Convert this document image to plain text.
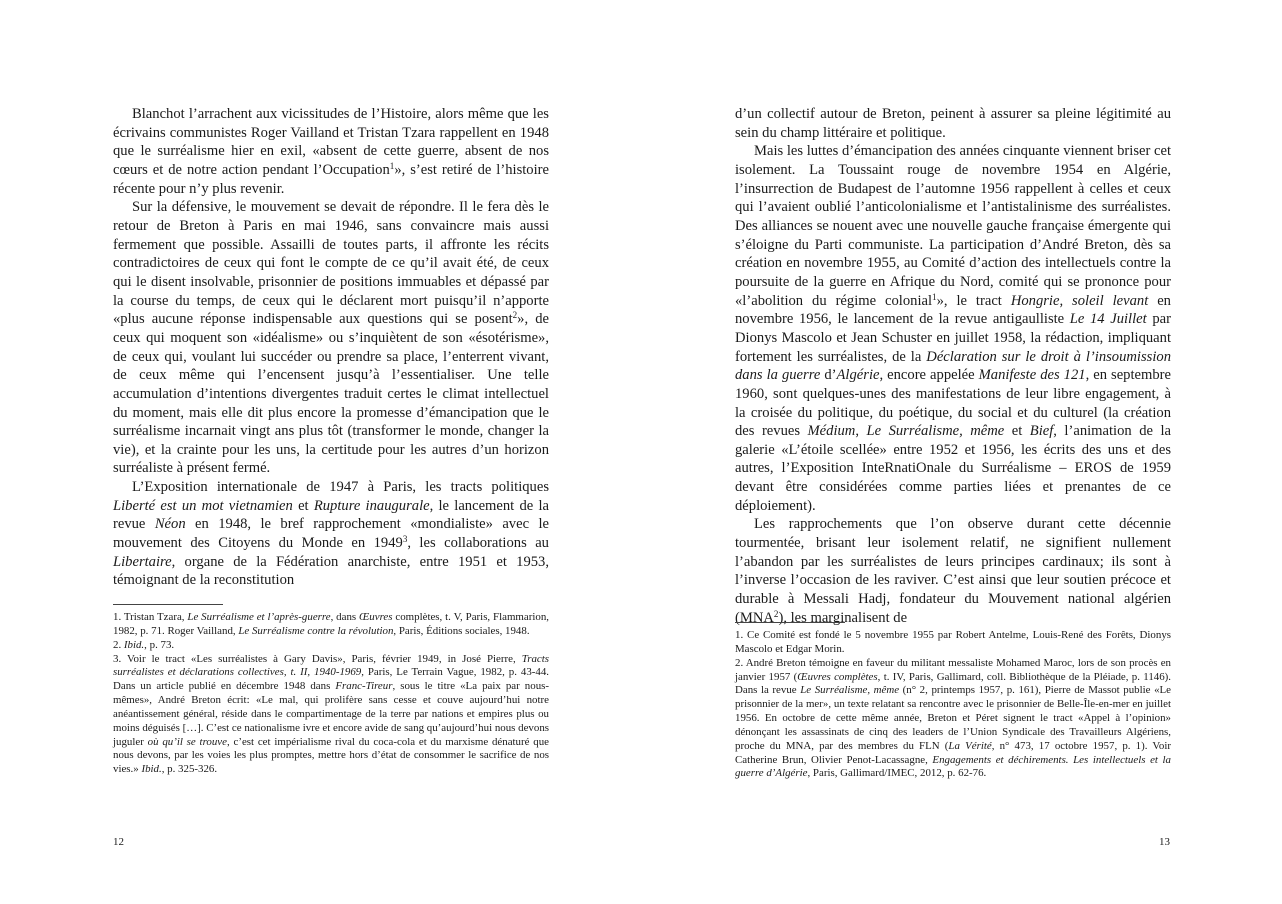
Blanchot l’arrachent aux vicissitudes de l’Histoire, alors même que les écrivains communistes Roger Vailland et Tristan Tzara rappellent en 1948 que le surréalisme hier en exil, «absent de cette guerre, absent de nos cœurs et de notre action pendant l’Occupation$^1$», s’est retiré de l’histoire récente pour n’y plus revenir.

Sur la défensive, le mouvement se devait de répondre. Il le fera dès le retour de Breton à Paris en mai 1946, sans convaincre mais aussi fermement que possible. Assailli de toutes parts, il affronte les récits contradictoires de ceux qui font le compte de ce qu’il avait été, de ceux qui le disent insolvable, prisonnier de positions immuables et dépassé par la course du temps, de ceux qui le déclarent mort puisqu’il n’apporte «plus aucune réponse indispensable aux questions qui se posent$^2$», de ceux qui moquent son «idéalisme» ou s’inquiètent de son «ésotérisme», de ceux qui, voulant lui succéder ou prendre sa place, l’enterrent vivant, de ceux même qui l’encensent jusqu’à l’essentialiser. Une telle accumulation d’intentions divergentes traduit certes le climat intellectuel du moment, mais elle dit plus encore la promesse d’émancipation que le surréalisme incarnait vingt ans plus tôt (transformer le monde, changer la vie), et la crainte pour les uns, la certitude pour les autres d’un horizon surréaliste à présent fermé.

L’Exposition internationale de 1947 à Paris, les tracts politiques Liberté est un mot vietnamien et Rupture inaugurale, le lancement de la revue Néon en 1948, le bref rapprochement «mondialiste» avec le mouvement des Citoyens du Monde en 1949$^3$, les collaborations au Libertaire, organe de la Fédération anarchiste, entre 1951 et 1953, témoignant de la reconstitution

1. Tristan Tzara, Le Surréalisme et l’après-guerre, dans Œuvres complètes, t. V, Paris, Flammarion, 1982, p. 71. Roger Vailland, Le Surréalisme contre la révolution, Paris, Éditions sociales, 1948.

2. Ibid., p. 73.

3. Voir le tract «Les surréalistes à Gary Davis», Paris, février 1949, in José Pierre, Tracts surréalistes et déclarations collectives, t. II, 1940-1969, Paris, Le Terrain Vague, 1982, p. 43-44. Dans un article publié en décembre 1948 dans Franc-Tireur, sous le titre «La paix par nous-mêmes», André Breton écrit: «Le mal, qui prolifère sans cesse et couve aujourd’hui notre anéantissement général, réside dans le compartimentage de la terre par nations et empires plus ou moins déguisés […]. C’est ce nationalisme ivre et encore avide de sang qu’aujourd’hui nous devons juguler où qu’il se trouve, c’est cet impérialisme rival du coca-cola et du marxisme dénaturé que nous devons, par les voies les plus promptes, mettre hors d’état de consommer le sacrifice de nos vies.» Ibid., p. 325-326.

12

d’un collectif autour de Breton, peinent à assurer sa pleine légitimité au sein du champ littéraire et politique.

Mais les luttes d’émancipation des années cinquante viennent briser cet isolement. La Toussaint rouge de novembre 1954 en Algérie, l’insurrection de Budapest de l’automne 1956 rappellent à celles et ceux qui l’avaient oublié l’anticolonialisme et l’antistalinisme des surréalistes. Des alliances se nouent avec une nouvelle gauche française émergente qui s’éloigne du Parti communiste. La participation d’André Breton, dès sa création en novembre 1955, au Comité d’action des intellectuels contre la poursuite de la guerre en Afrique du Nord, comité qui se prononce pour «l’abolition du régime colonial$^1$», le tract Hongrie, soleil levant en novembre 1956, le lancement de la revue antigaulliste Le 14 Juillet par Dionys Mascolo et Jean Schuster en juillet 1958, la rédaction, impliquant fortement les surréalistes, de la Déclaration sur le droit à l’insoumission dans la guerre d’Algérie, encore appelée Manifeste des 121, en septembre 1960, sont quelques-unes des manifestations de leur libre engagement, à la croisée du politique, du poétique, du social et du culturel (la création des revues Médium, Le Surréalisme, même et Bief, l’animation de la galerie «L’étoile scellée» entre 1952 et 1956, les écrits des uns et des autres, l’Exposition InteRnatiOnale du Surréalisme – EROS de 1959 devant être considérées comme parties liées et prenantes de ce déploiement).

Les rapprochements que l’on observe durant cette décennie tourmentée, brisant leur isolement relatif, ne signifient nullement l’abandon par les surréalistes de leurs principes cardinaux; ils sont à l’inverse l’occasion de les raviver. C’est ainsi que leur soutien précoce et durable à Messali Hadj, fondateur du Mouvement national algérien (MNA$^2$), les marginalisent de

1. Ce Comité est fondé le 5 novembre 1955 par Robert Antelme, Louis-René des Forêts, Dionys Mascolo et Edgar Morin.

2. André Breton témoigne en faveur du militant messaliste Mohamed Maroc, lors de son procès en janvier 1957 (Œuvres complètes, t. IV, Paris, Gallimard, coll. Bibliothèque de la Pléiade, p. 1146). Dans la revue Le Surréalisme, même (n° 2, printemps 1957, p. 161), Pierre de Massot publie «Le prisonnier de la mer», un texte relatant sa rencontre avec le prisonnier de Belle-Île-en-mer en juillet 1956. En octobre de cette même année, Breton et Péret signent le tract «Appel à l’opinion» dénonçant les assassinats de cinq des leaders de l’Union Syndicale des Travailleurs Algériens, proche du MNA, par des membres du FLN (La Vérité, n° 473, 17 octobre 1957, p. 1). Voir Catherine Brun, Olivier Penot-Lacassagne, Engagements et déchirements. Les intellectuels et la guerre d’Algérie, Paris, Gallimard/IMEC, 2012, p. 62-76.

13
